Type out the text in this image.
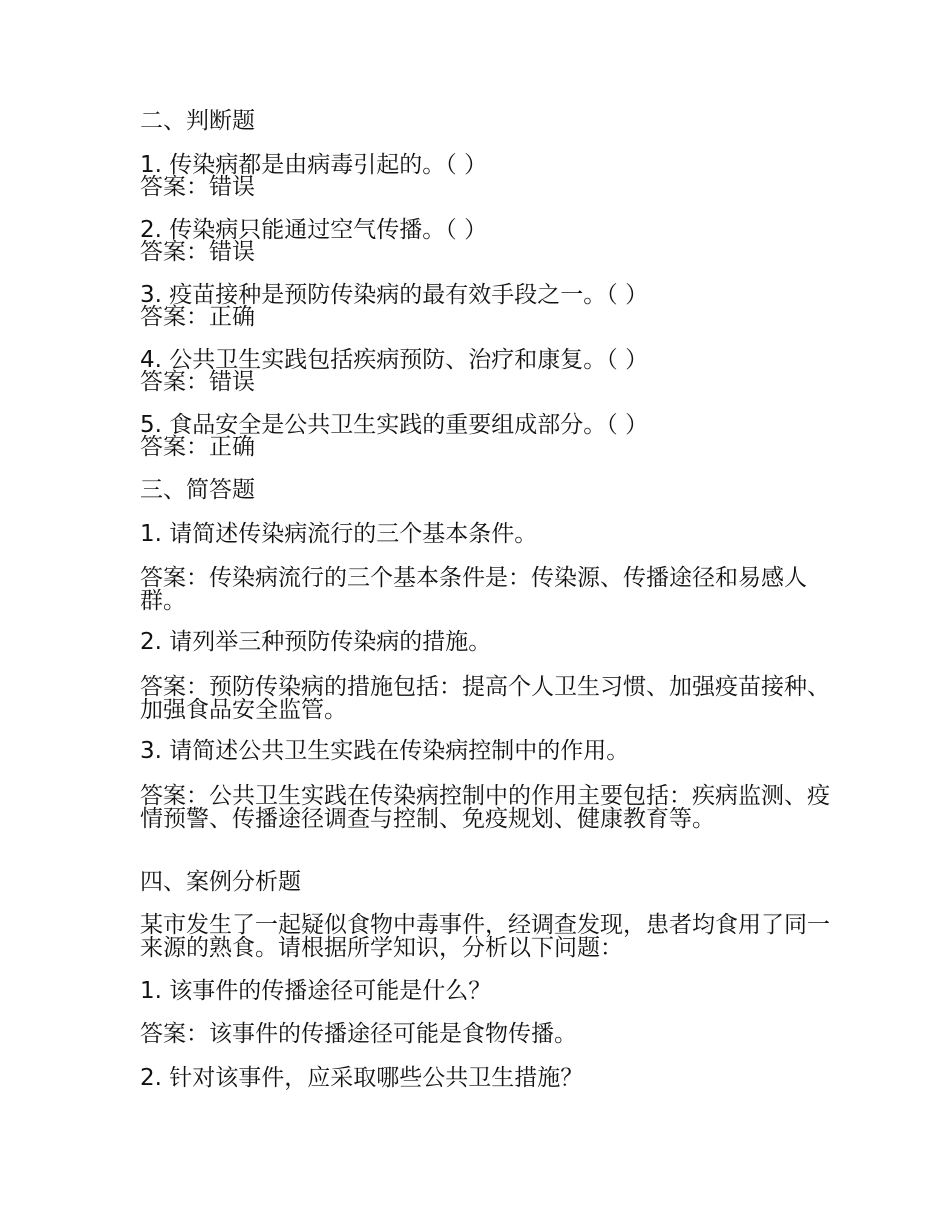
二、判断题
1. 传染病都是由病毒引起的。（ ）
答案：错误
2. 传染病只能通过空气传播。（ ）
答案：错误
3. 疫苗接种是预防传染病的最有效手段之一。（ ）
答案：正确
4. 公共卫生实践包括疾病预防、治疗和康复。（ ）
答案：错误
5. 食品安全是公共卫生实践的重要组成部分。（ ）
答案：正确
三、简答题
1. 请简述传染病流行的三个基本条件。
答案：传染病流行的三个基本条件是：传染源、传播途径和易感人群。
2. 请列举三种预防传染病的措施。
答案：预防传染病的措施包括：提高个人卫生习惯、加强疫苗接种、加强食品安全监管。
3. 请简述公共卫生实践在传染病控制中的作用。
答案：公共卫生实践在传染病控制中的作用主要包括：疾病监测、疫情预警、传播途径调查与控制、免疫规划、健康教育等。
四、案例分析题
某市发生了一起疑似食物中毒事件，经调查发现，患者均食用了同一来源的熟食。请根据所学知识，分析以下问题：
1. 该事件的传播途径可能是什么？
答案：该事件的传播途径可能是食物传播。
2. 针对该事件，应采取哪些公共卫生措施？
